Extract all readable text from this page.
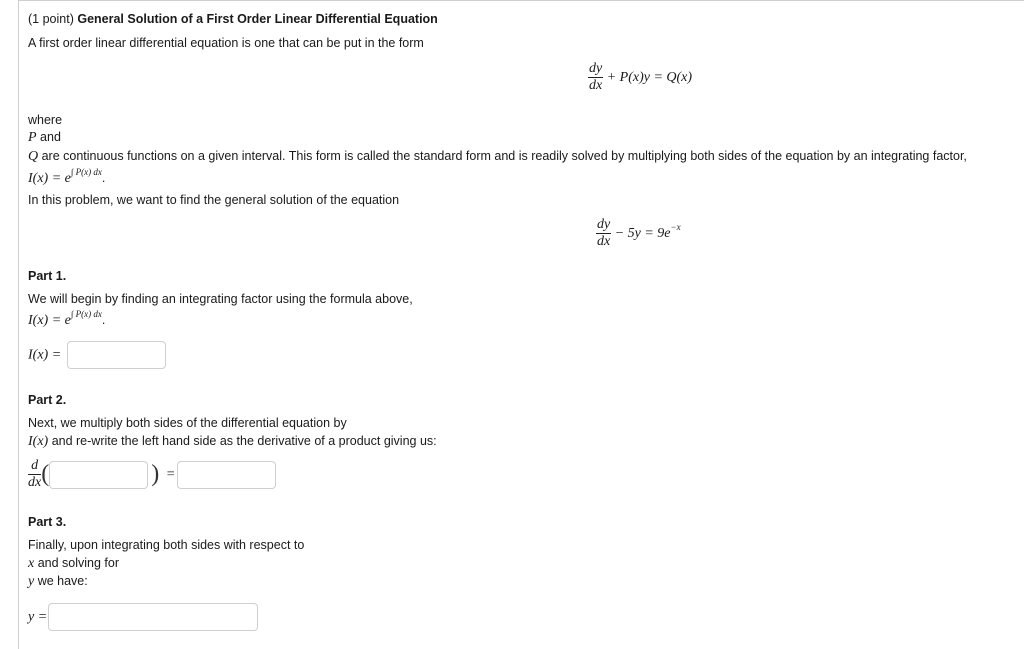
(1 point) General Solution of a First Order Linear Differential Equation
A first order linear differential equation is one that can be put in the form
$\frac{dy}{dx} + P(x)y = Q(x)$
where
P and
Q are continuous functions on a given interval. This form is called the standard form and is readily solved by multiplying both sides of the equation by an integrating factor,
$I(x) = e^{\int P(x) dx}$.
In this problem, we want to find the general solution of the equation
$\frac{dy}{dx} - 5y = 9e^{-x}$
Part 1.
We will begin by finding an integrating factor using the formula above,
$I(x) = e^{\int P(x) dx}$.
I(x) =
Part 2.
Next, we multiply both sides of the differential equation by
I(x) and re-write the left hand side as the derivative of a product giving us:
$\frac{d}{dx}$ (	) =
Part 3.
Finally, upon integrating both sides with respect to
x and solving for
y we have:
y =
